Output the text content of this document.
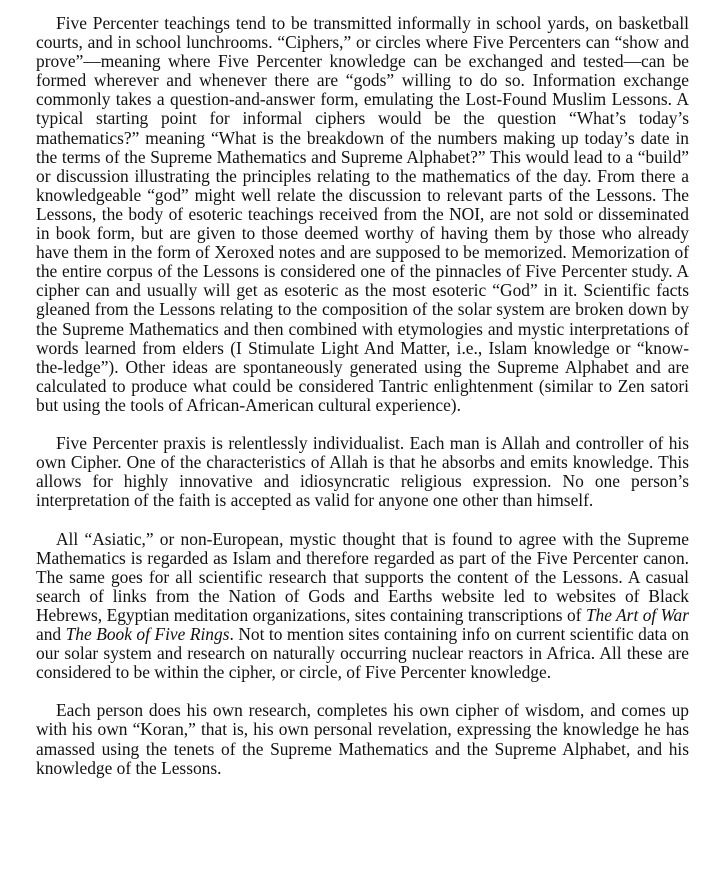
Five Percenter teachings tend to be transmitted informally in school yards, on basketball courts, and in school lunchrooms. “Ciphers,” or circles where Five Percenters can “show and prove”—meaning where Five Percenter knowledge can be exchanged and tested—can be formed wherever and whenever there are “gods” willing to do so. Information exchange commonly takes a question-and-answer form, emulating the Lost-Found Muslim Lessons. A typical starting point for informal ciphers would be the question “What’s today’s mathematics?” meaning “What is the breakdown of the numbers making up today’s date in the terms of the Supreme Mathematics and Supreme Alphabet?” This would lead to a “build” or discussion illustrating the principles relating to the mathematics of the day. From there a knowledgeable “god” might well relate the discussion to relevant parts of the Lessons. The Lessons, the body of esoteric teachings received from the NOI, are not sold or disseminated in book form, but are given to those deemed worthy of having them by those who already have them in the form of Xeroxed notes and are supposed to be memorized. Memorization of the entire corpus of the Lessons is considered one of the pinnacles of Five Percenter study. A cipher can and usually will get as esoteric as the most esoteric “God” in it. Scientific facts gleaned from the Lessons relating to the composition of the solar system are broken down by the Supreme Mathematics and then combined with etymologies and mystic interpretations of words learned from elders (I Stimulate Light And Matter, i.e., Islam knowledge or “know-the-ledge”). Other ideas are spontaneously generated using the Supreme Alphabet and are calculated to produce what could be considered Tantric enlightenment (similar to Zen satori but using the tools of African-American cultural experience).

Five Percenter praxis is relentlessly individualist. Each man is Allah and controller of his own Cipher. One of the characteristics of Allah is that he absorbs and emits knowledge. This allows for highly innovative and idiosyncratic religious expression. No one person’s interpretation of the faith is accepted as valid for anyone one other than himself.

All “Asiatic,” or non-European, mystic thought that is found to agree with the Supreme Mathematics is regarded as Islam and therefore regarded as part of the Five Percenter canon. The same goes for all scientific research that supports the content of the Lessons. A casual search of links from the Nation of Gods and Earths website led to websites of Black Hebrews, Egyptian meditation organizations, sites containing transcriptions of The Art of War and The Book of Five Rings. Not to mention sites containing info on current scientific data on our solar system and research on naturally occurring nuclear reactors in Africa. All these are considered to be within the cipher, or circle, of Five Percenter knowledge.

Each person does his own research, completes his own cipher of wisdom, and comes up with his own “Koran,” that is, his own personal revelation, expressing the knowledge he has amassed using the tenets of the Supreme Mathematics and the Supreme Alphabet, and his knowledge of the Lessons.
